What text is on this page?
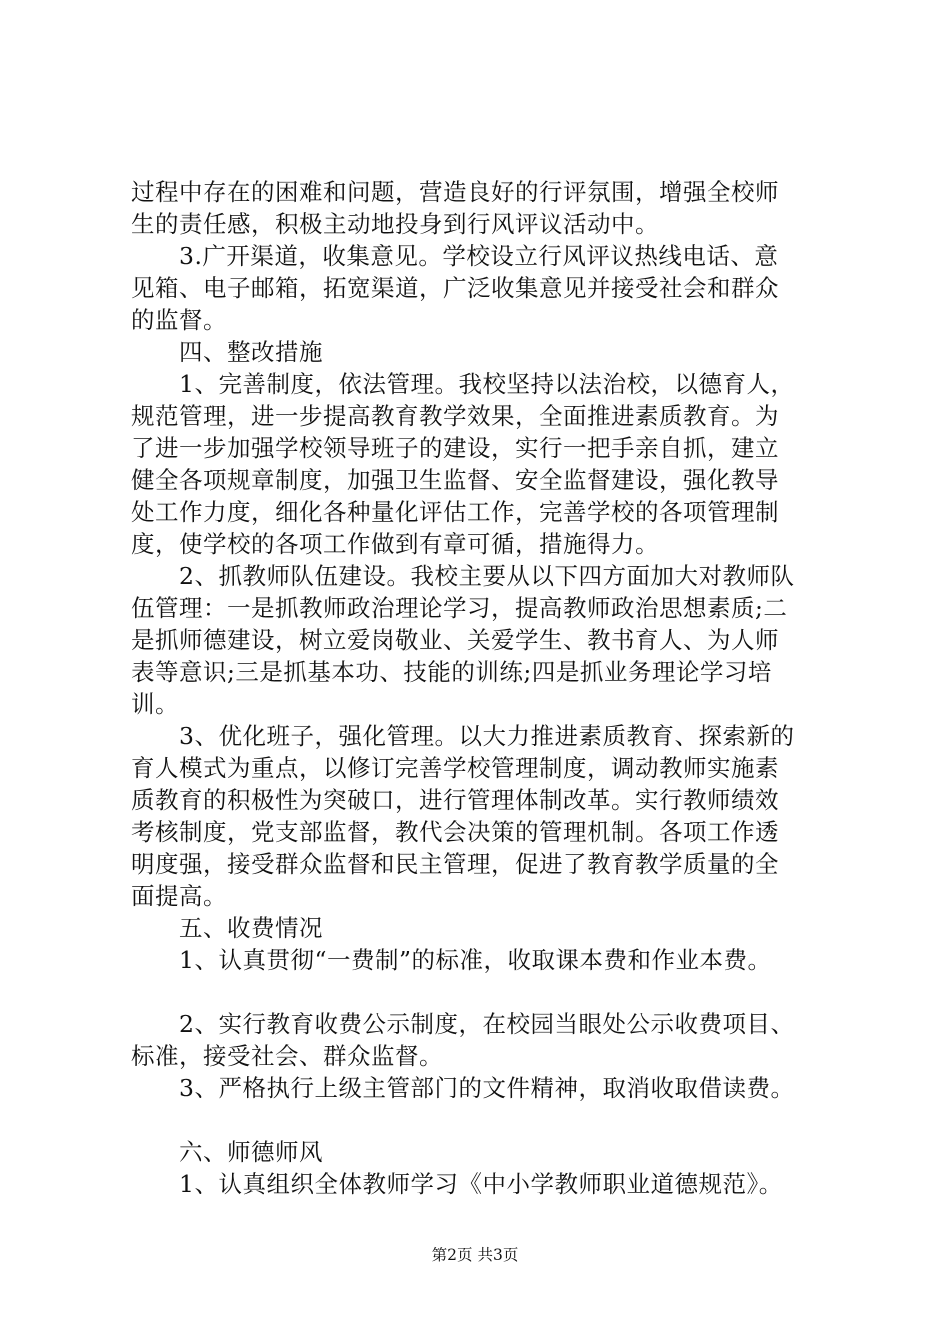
过程中存在的困难和问题，营造良好的行评氛围，增强全校师
生的责任感，积极主动地投身到行风评议活动中。
3.广开渠道，收集意见。学校设立行风评议热线电话、意
见箱、电子邮箱，拓宽渠道，广泛收集意见并接受社会和群众
的监督。
四、整改措施
1、完善制度，依法管理。我校坚持以法治校，以德育人，
规范管理，进一步提高教育教学效果，全面推进素质教育。为
了进一步加强学校领导班子的建设，实行一把手亲自抓，建立
健全各项规章制度，加强卫生监督、安全监督建设，强化教导
处工作力度，细化各种量化评估工作，完善学校的各项管理制
度，使学校的各项工作做到有章可循，措施得力。
2、抓教师队伍建设。我校主要从以下四方面加大对教师队
伍管理：一是抓教师政治理论学习，提高教师政治思想素质;二
是抓师德建设，树立爱岗敬业、关爱学生、教书育人、为人师
表等意识;三是抓基本功、技能的训练;四是抓业务理论学习培
训。
3、优化班子，强化管理。以大力推进素质教育、探索新的
育人模式为重点，以修订完善学校管理制度，调动教师实施素
质教育的积极性为突破口，进行管理体制改革。实行教师绩效
考核制度，党支部监督，教代会决策的管理机制。各项工作透
明度强，接受群众监督和民主管理，促进了教育教学质量的全
面提高。
五、收费情况
1、认真贯彻“一费制”的标准，收取课本费和作业本费。
2、实行教育收费公示制度，在校园当眼处公示收费项目、
标准，接受社会、群众监督。
3、严格执行上级主管部门的文件精神，取消收取借读费。
六、师德师风
1、认真组织全体教师学习《中小学教师职业道德规范》。
第2页 共3页
